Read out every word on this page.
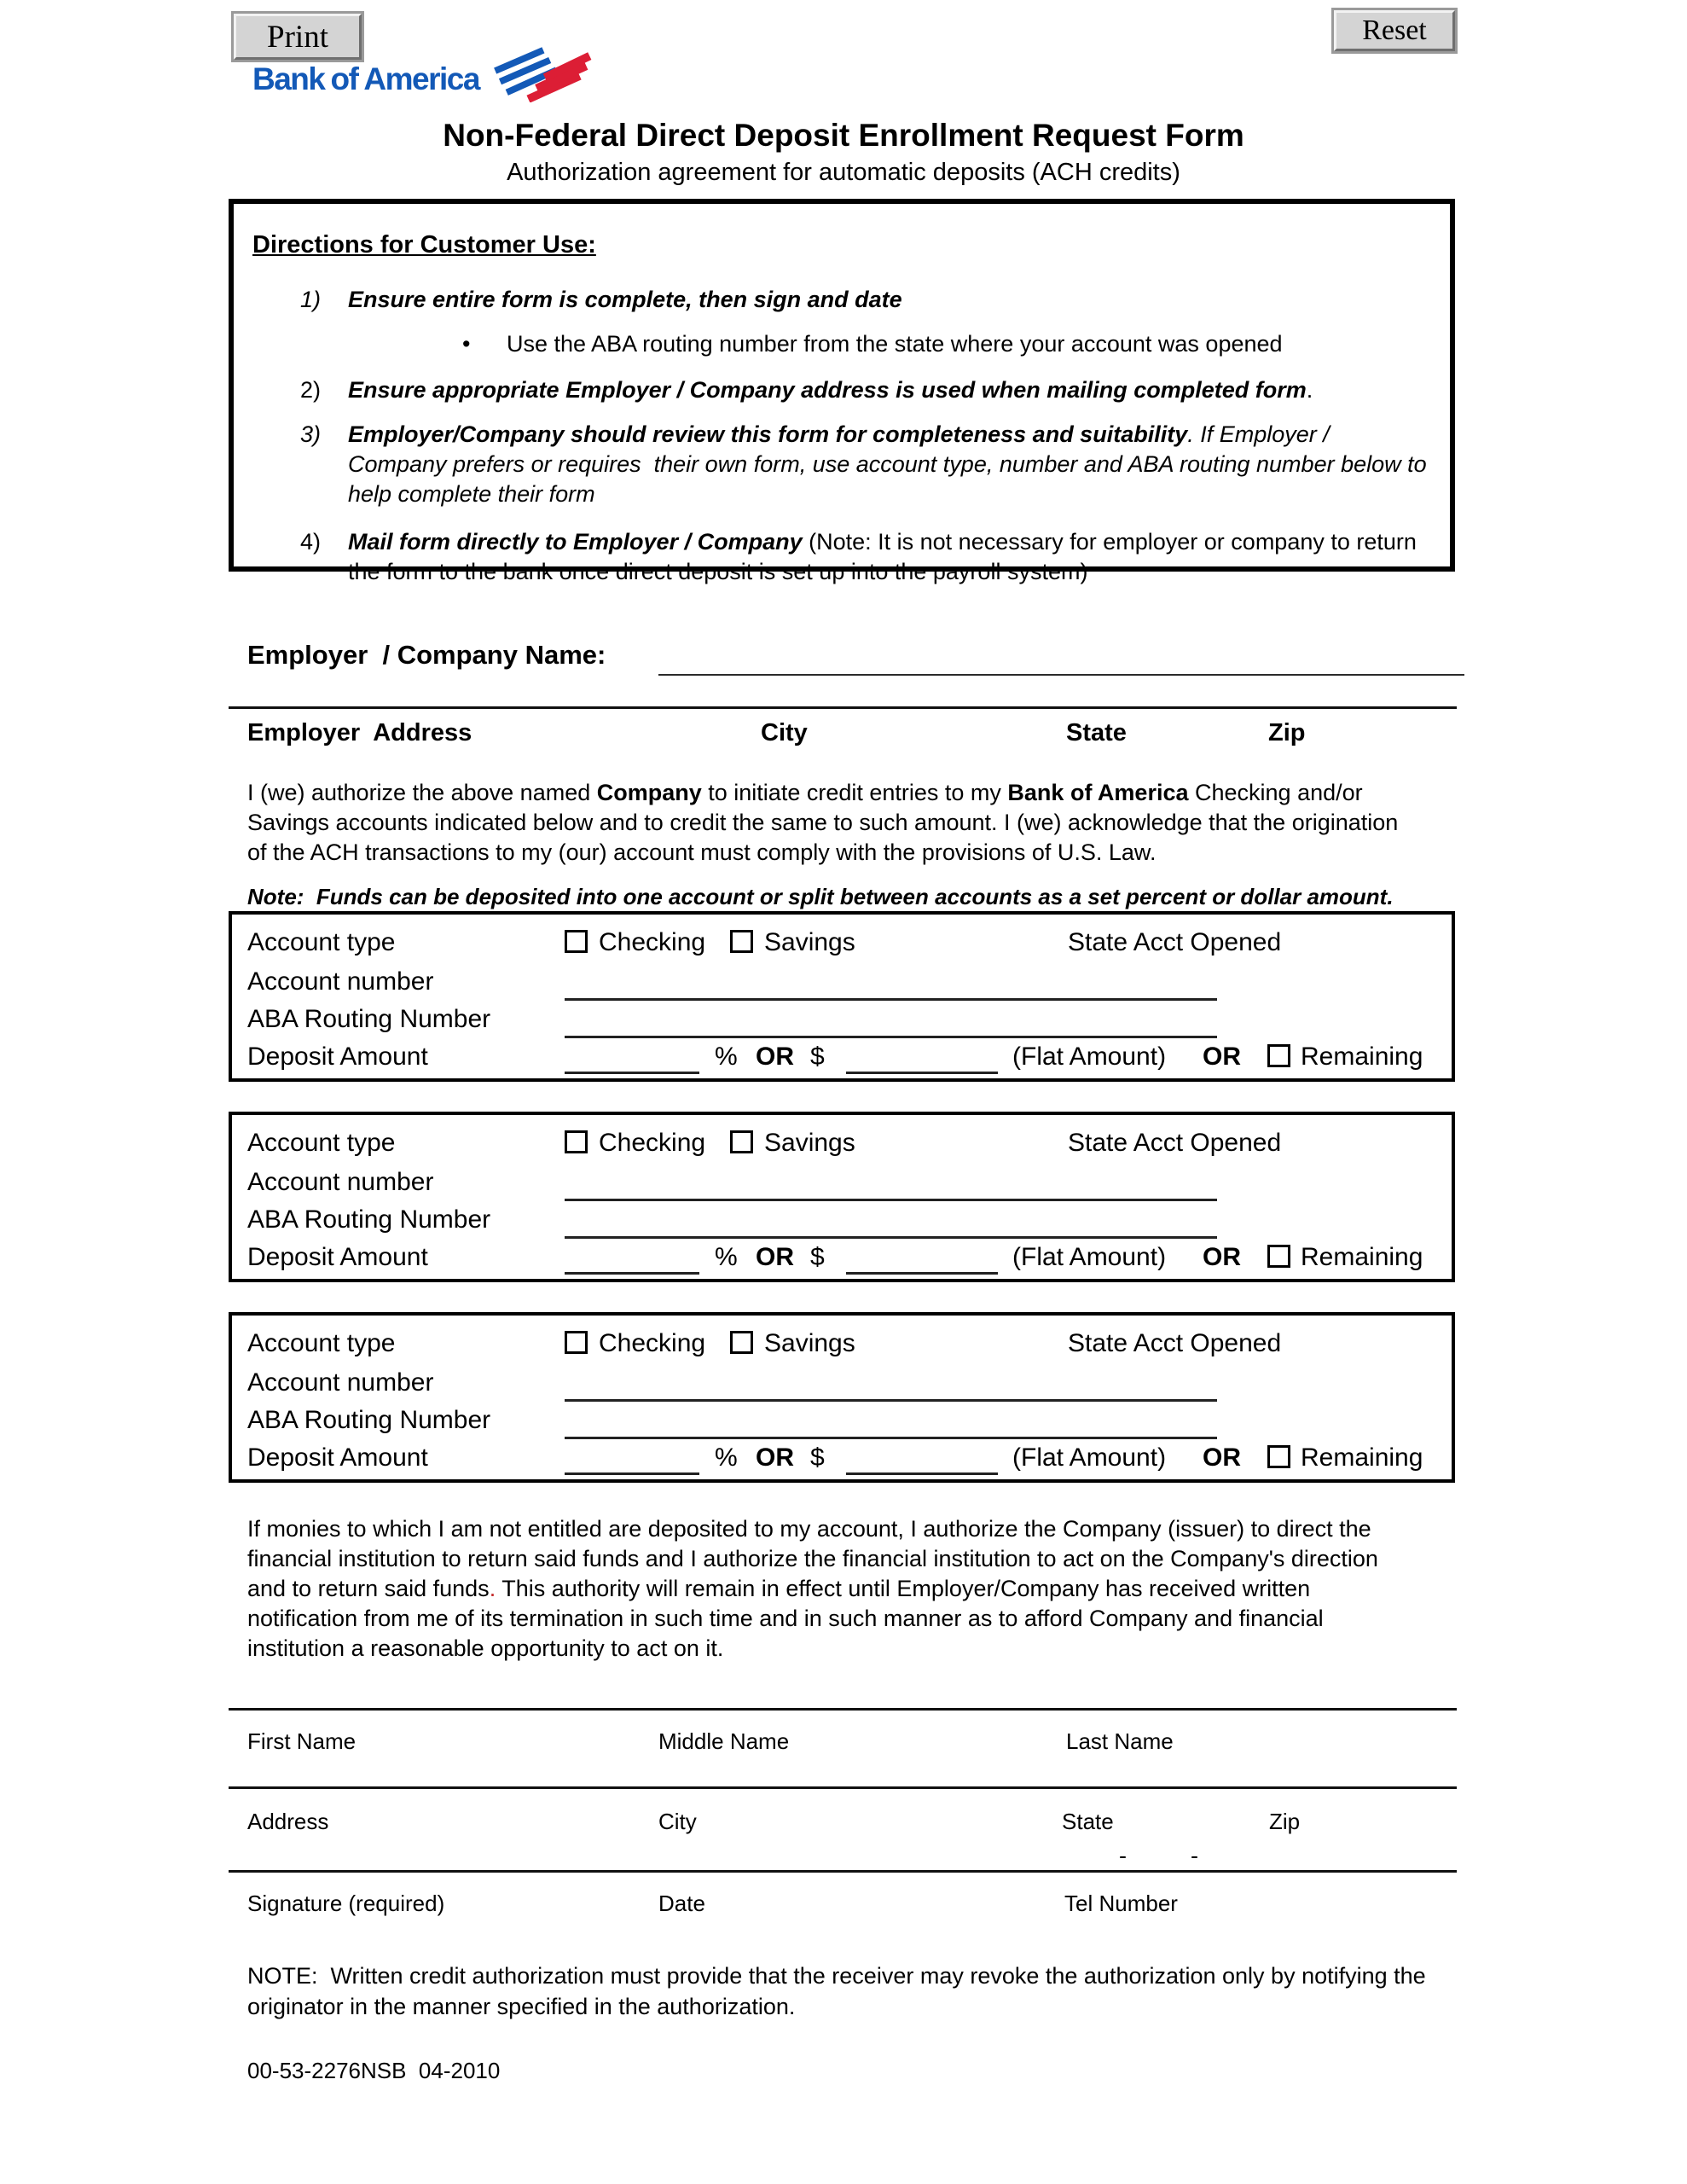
Print	Reset
Bank of America
Non-Federal Direct Deposit Enrollment Request Form
Authorization agreement for automatic deposits (ACH credits)
Directions for Customer Use:
1)	Ensure entire form is complete, then sign and date
•	Use the ABA routing number from the state where your account was opened
2)	Ensure appropriate Employer / Company address is used when mailing completed form.
3)	Employer/Company should review this form for completeness and suitability. If Employer / Company prefers or requires  their own form, use account type, number and ABA routing number below to help complete their form
4)	Mail form directly to Employer / Company (Note: It is not necessary for employer or company to return the form to the bank once direct deposit is set up into the payroll system)
Employer  / Company Name:
Employer  Address	City	State	Zip
I (we) authorize the above named Company to initiate credit entries to my Bank of America Checking and/or Savings accounts indicated below and to credit the same to such amount. I (we) acknowledge that the origination of the ACH transactions to my (our) account must comply with the provisions of U.S. Law.
Note:  Funds can be deposited into one account or split between accounts as a set percent or dollar amount.
Account type	Checking Savings	State Acct Opened
Account number
ABA Routing Number
Deposit Amount	% OR $	(Flat Amount) OR Remaining
Account type	Checking Savings	State Acct Opened
Account number
ABA Routing Number
Deposit Amount	% OR $	(Flat Amount) OR Remaining
Account type	Checking Savings	State Acct Opened
Account number
ABA Routing Number
Deposit Amount	% OR $	(Flat Amount) OR Remaining
If monies to which I am not entitled are deposited to my account, I authorize the Company (issuer) to direct the financial institution to return said funds and I authorize the financial institution to act on the Company's direction and to return said funds. This authority will remain in effect until Employer/Company has received written notification from me of its termination in such time and in such manner as to afford Company and financial institution a reasonable opportunity to act on it.
First Name	Middle Name	Last Name
Address	City	State	Zip
-	-
Signature (required)	Date	Tel Number
NOTE:  Written credit authorization must provide that the receiver may revoke the authorization only by notifying the originator in the manner specified in the authorization.
00-53-2276NSB  04-2010
